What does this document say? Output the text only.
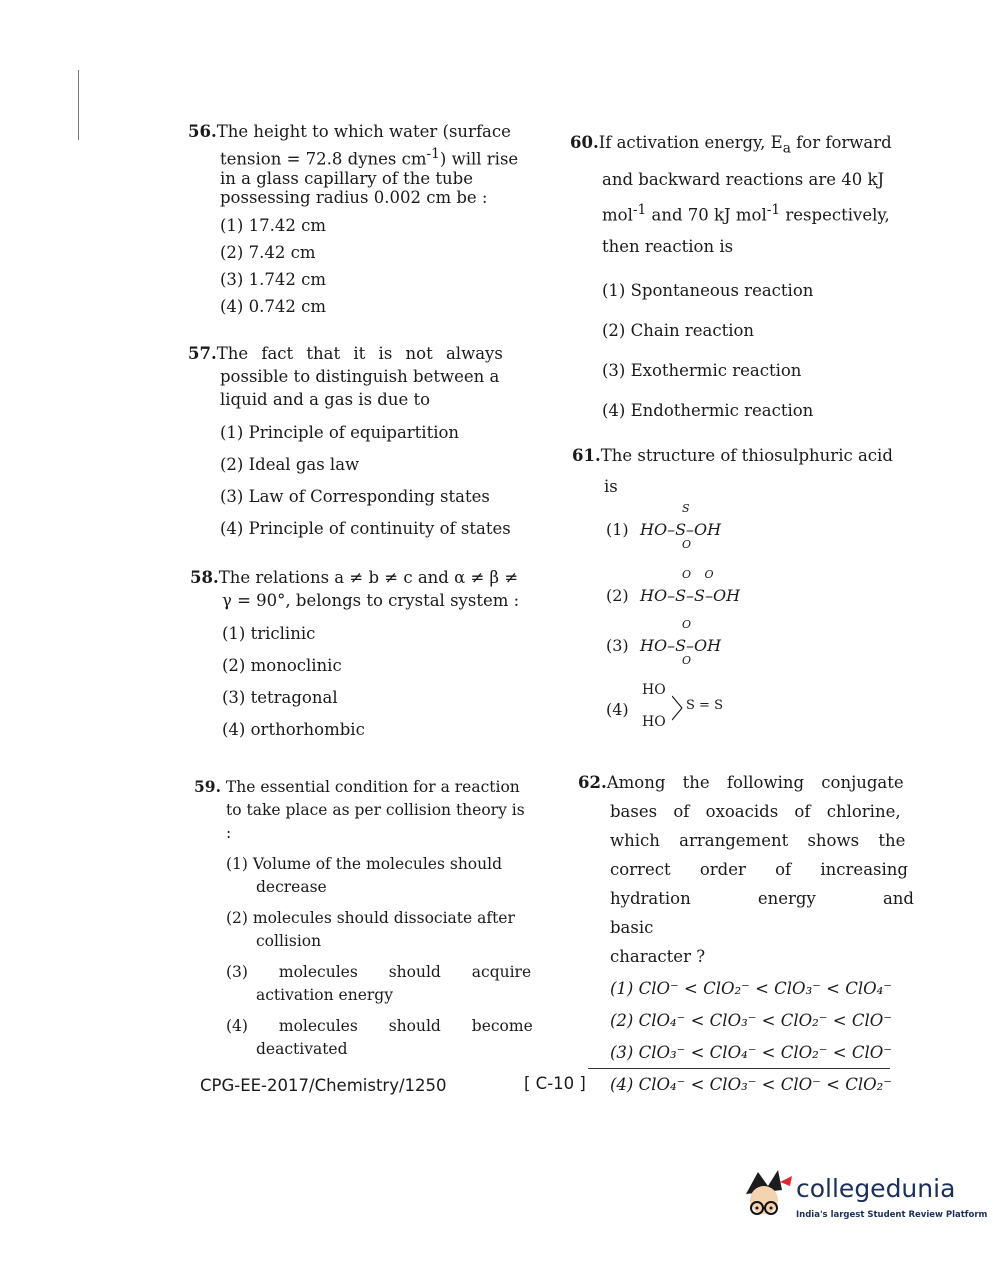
56.The height to which water (surface
tension = 72.8 dynes $cm^{-1}$) will rise
in a glass capillary of the tube
possessing radius 0.002 cm be :
(1) 17.42 cm
(2) 7.42 cm
(3) 1.742 cm
(4) 0.742 cm
57.The fact that it is not always
possible to distinguish between a
liquid and a gas is due to
(1) Principle of equipartition
(2) Ideal gas law
(3) Law of Corresponding states
(4) Principle of continuity of states
58.The relations a ≠ b ≠ c and α ≠ β ≠
γ = 90°, belongs to crystal system :
(1) triclinic
(2) monoclinic
(3) tetragonal
(4) orthorhombic
59. The essential condition for a reaction
to take place as per collision theory is :
(1) Volume of the molecules should
decrease
(2) molecules should dissociate after
collision
(3) molecules should acquire
activation energy
(4) molecules should become
deactivated
60.If activation energy, $E_a$ for forward
and backward reactions are 40 kJ
mol$^{-1}$ and 70 kJ mol$^{-1}$ respectively,
then reaction is
(1) Spontaneous reaction
(2) Chain reaction
(3) Exothermic reaction
(4) Endothermic reaction
61.The structure of thiosulphuric acid
is
(1)
S
HO–S–OH
O
(2)
O O
HO–S–S–OH
(3)
O
HO–S–OH
O
(4)
HO
HO
S = S
62.Among the following conjugate
bases of oxoacids of chlorine,
which arrangement shows the
correct order of increasing
hydration energy and basic
character ?
(1) ClO⁻ < ClO₂⁻ < ClO₃⁻ < ClO₄⁻
(2) ClO₄⁻ < ClO₃⁻ < ClO₂⁻ < ClO⁻
(3) ClO₃⁻ < ClO₄⁻ < ClO₂⁻ < ClO⁻
(4) ClO₄⁻ < ClO₃⁻ < ClO⁻ < ClO₂⁻
CPG-EE-2017/Chemistry/1250	[ C-10 ]
collegedunia
India's largest Student Review Platform
